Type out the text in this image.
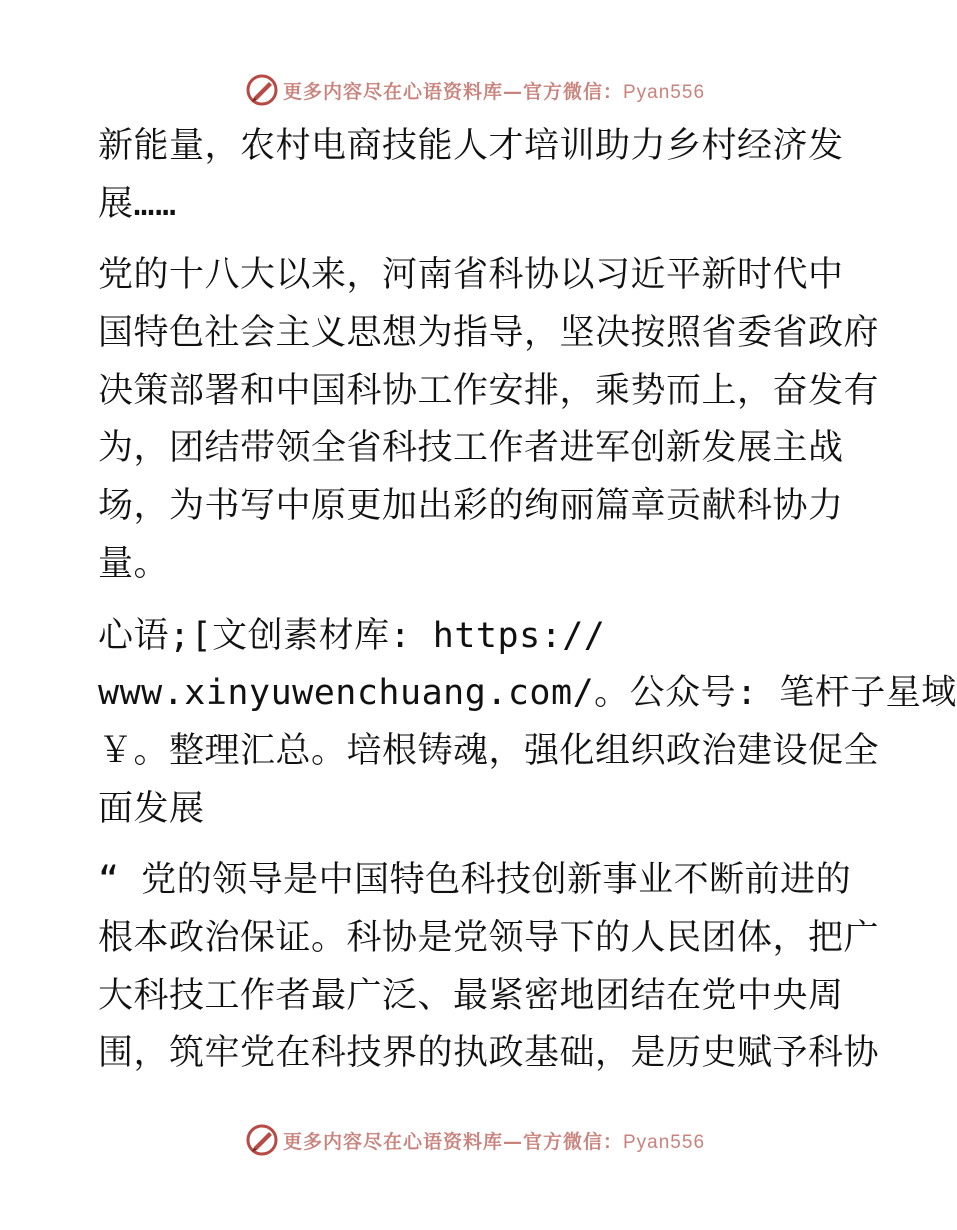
更多内容尽在心语资料库—官方微信：Pyan556
新能量，农村电商技能人才培训助力乡村经济发
展……
党的十八大以来，河南省科协以习近平新时代中
国特色社会主义思想为指导，坚决按照省委省政府
决策部署和中国科协工作安排，乘势而上，奋发有
为，团结带领全省科技工作者进军创新发展主战
场，为书写中原更加出彩的绚丽篇章贡献科协力
量。
心语;[文创素材库: https://
www.xinyuwenchuang.com/。公众号: 笔杆子星域
￥。整理汇总。培根铸魂，强化组织政治建设促全
面发展
“ 党的领导是中国特色科技创新事业不断前进的
根本政治保证。科协是党领导下的人民团体，把广
大科技工作者最广泛、最紧密地团结在党中央周
围，筑牢党在科技界的执政基础，是历史赋予科协
更多内容尽在心语资料库—官方微信：Pyan556
